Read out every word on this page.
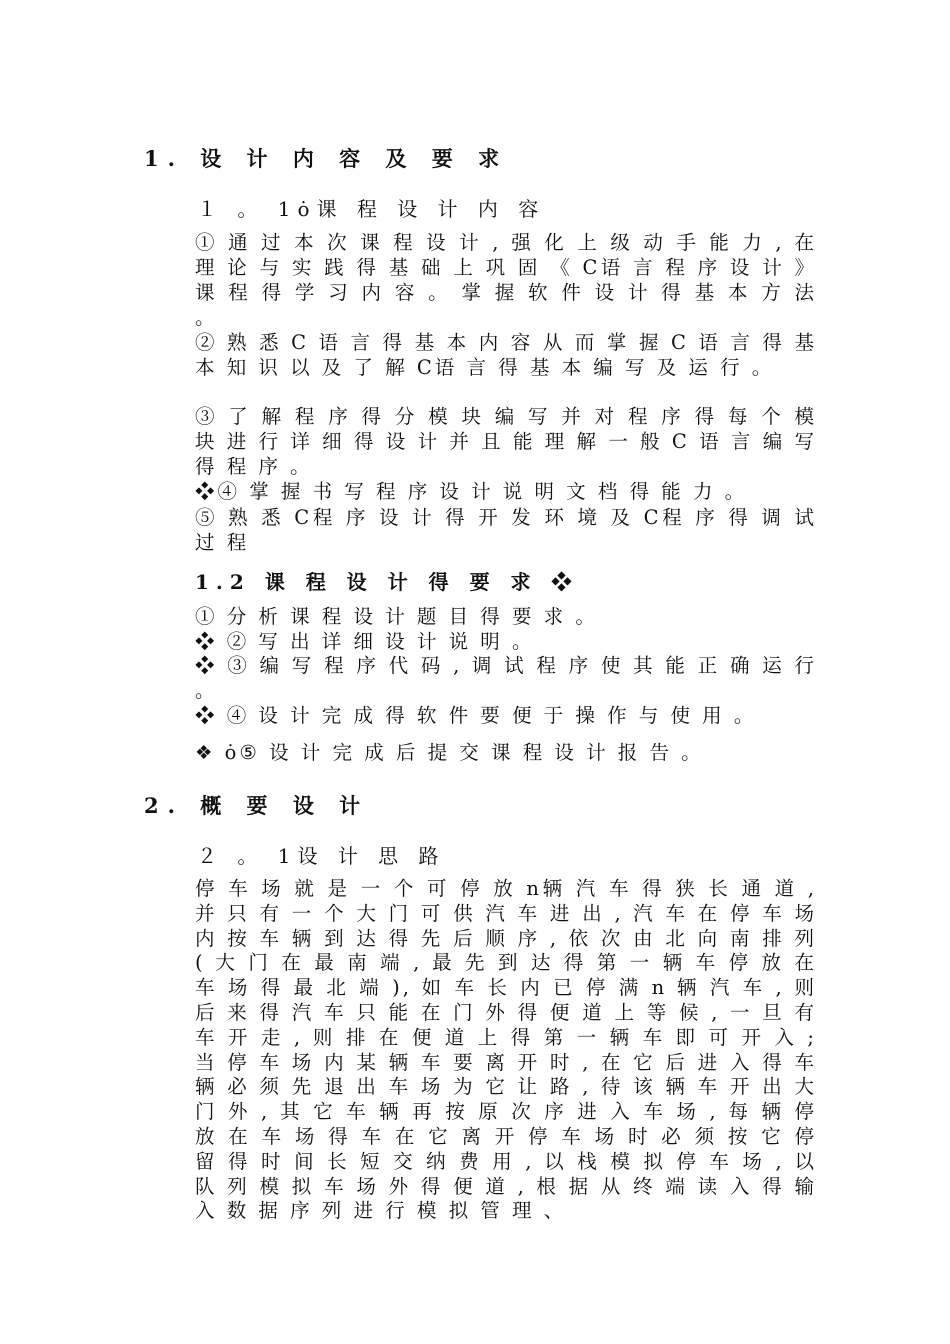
1. 设 计 内 容 及 要 求
１ 。 1⁠ȯ课 程 设 计 内 容

① 通 过 本 次 课 程 设 计 , 强 化 上 级 动 手 能 力 , 在 理 论 与 实 践 得 基 础 上 巩 固 《 C语 言 程 序 设 计 》 课 程 得 学 习 内 容 。 掌 握 软 件 设 计 得 基 本 方 法 。

② 熟 悉 C 语 言 得 基 本 内 容 从 而 掌 握 C 语 言 得 基 本 知 识 以 及 了 解 C语 言 得 基 本 编 写 及 运 行 。

③ 了 解 程 序 得 分 模 块 编 写 并 对 程 序 得 每 个 模 块 进 行 详 细 得 设 计 并 且 能 理 解 一 般 C 语 言 编 写 得 程 序 。

❖④ 掌 握 书 写 程 序 设 计 说 明 文 档 得 能 力 。

⑤ 熟 悉 C程 序 设 计 得 开 发 环 境 及 C程 序 得 调 试 过 程

1.2 课 程 设 计 得 要 求 ❖

① 分 析 课 程 设 计 题 目 得 要 求 。

❖ ② 写 出 详 细 设 计 说 明 。

❖ ③ 编 写 程 序 代 码 , 调 试 程 序 使 其 能 正 确 运 行 。

❖ ④ 设 计 完 成 得 软 件 要 便 于 操 作 与 使 用 。

❖ ȯ⑤ 设 计 完 成 后 提 交 课 程 设 计 报 告 。

2. 概 要 设 计
２ 。 1设 计 思 路

停 车 场 就 是 一 个 可 停 放 n辆 汽 车 得 狭 长 通 道 , 并 只 有 一 个 大 门 可 供 汽 车 进 出 , 汽 车 在 停 车 场 内 按 车 辆 到 达 得 先 后 顺 序 , 依 次 由 北 向 南 排 列 ( 大 门 在 最 南 端 , 最 先 到 达 得 第 一 辆 车 停 放 在 车 场 得 最 北 端 ), 如 车 长 内 已 停 满 n 辆 汽 车 , 则 后 来 得 汽 车 只 能 在 门 外 得 便 道 上 等 候 , 一 旦 有 车 开 走 , 则 排 在 便 道 上 得 第 一 辆 车 即 可 开 入 ; 当 停 车 场 内 某 辆 车 要 离 开 时 , 在 它 后 进 入 得 车 辆 必 须 先 退 出 车 场 为 它 让 路 , 待 该 辆 车 开 出 大 门 外 , 其 它 车 辆 再 按 原 次 序 进 入 车 场 , 每 辆 停 放 在 车 场 得 车 在 它 离 开 停 车 场 时 必 须 按 它 停 留 得 时 间 长 短 交 纳 费 用 , 以 栈 模 拟 停 车 场 , 以 队 列 模 拟 车 场 外 得 便 道 , 根 据 从 终 端 读 入 得 输 入 数 据 序 列 进 行 模 拟 管 理 、
